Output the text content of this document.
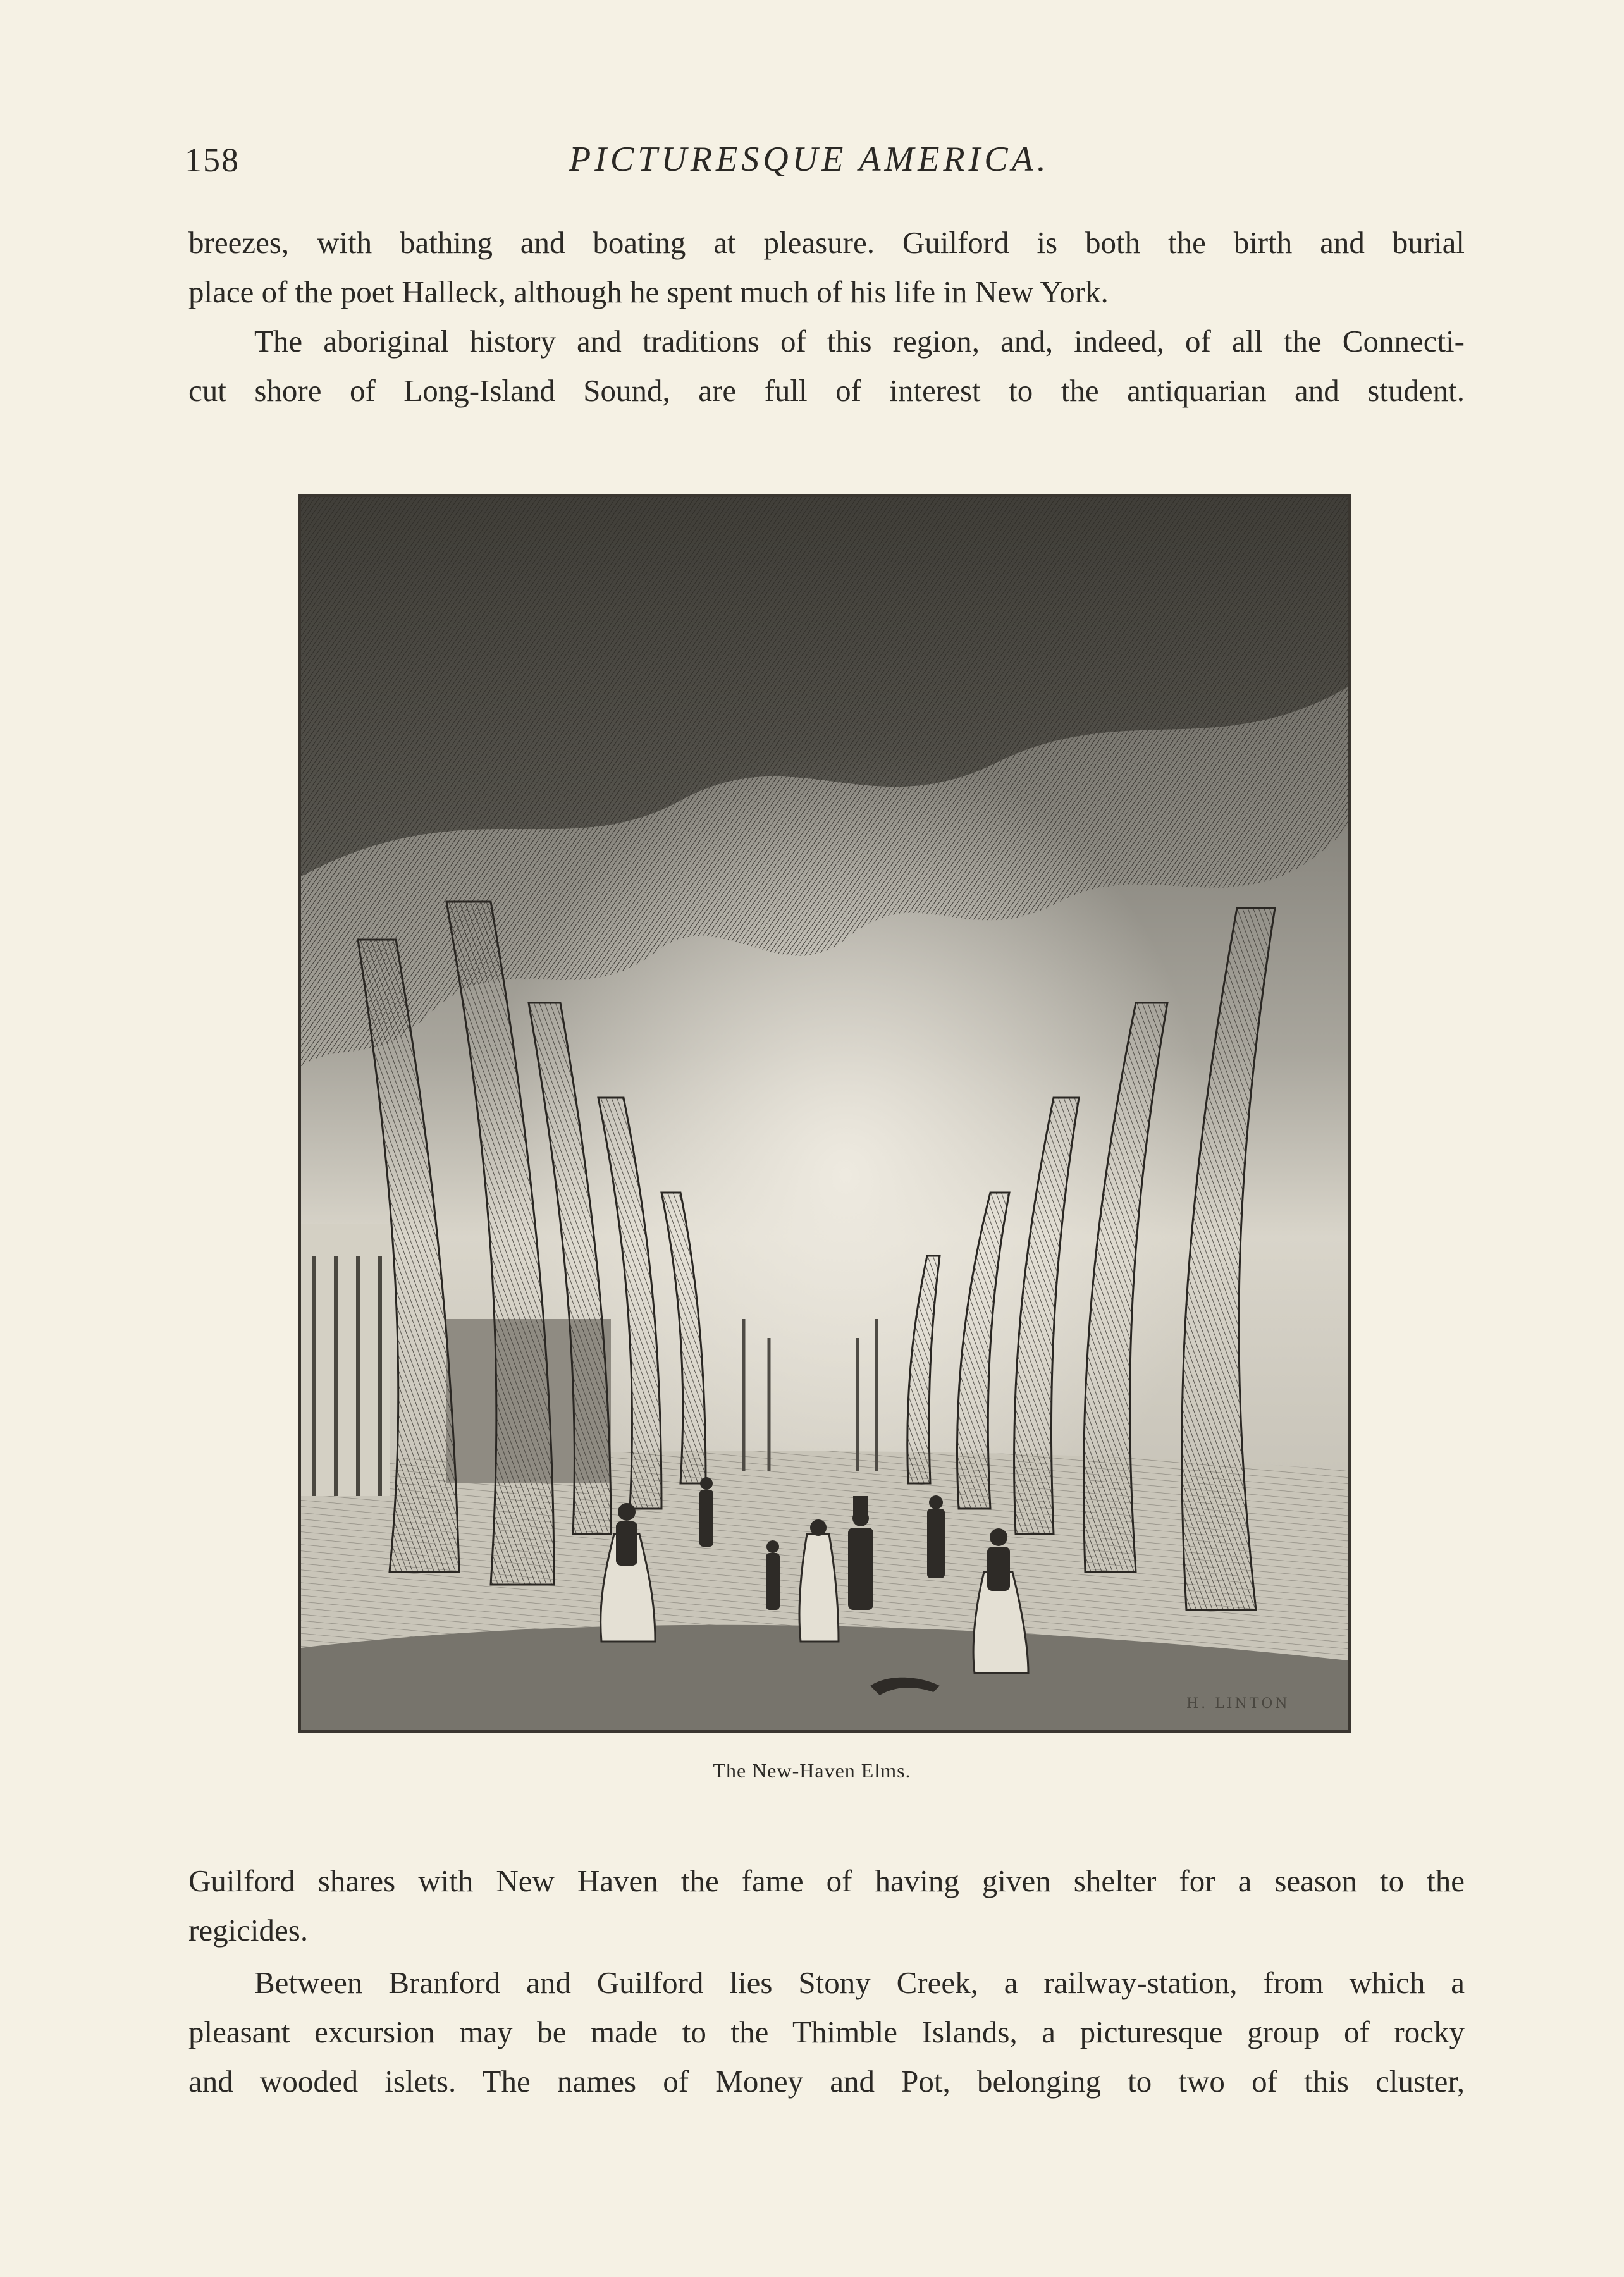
158	PICTURESQUE AMERICA.
breezes, with bathing and boating at pleasure. Guilford is both the birth and burial
place of the poet Halleck, although he spent much of his life in New York.
The aboriginal history and traditions of this region, and, indeed, of all the Connecti-
cut shore of Long-Island Sound, are full of interest to the antiquarian and student.
H. LINTON
The New-Haven Elms.
Guilford shares with New Haven the fame of having given shelter for a season to the
regicides.
Between Branford and Guilford lies Stony Creek, a railway-station, from which a
pleasant excursion may be made to the Thimble Islands, a picturesque group of rocky
and wooded islets. The names of Money and Pot, belonging to two of this cluster,
